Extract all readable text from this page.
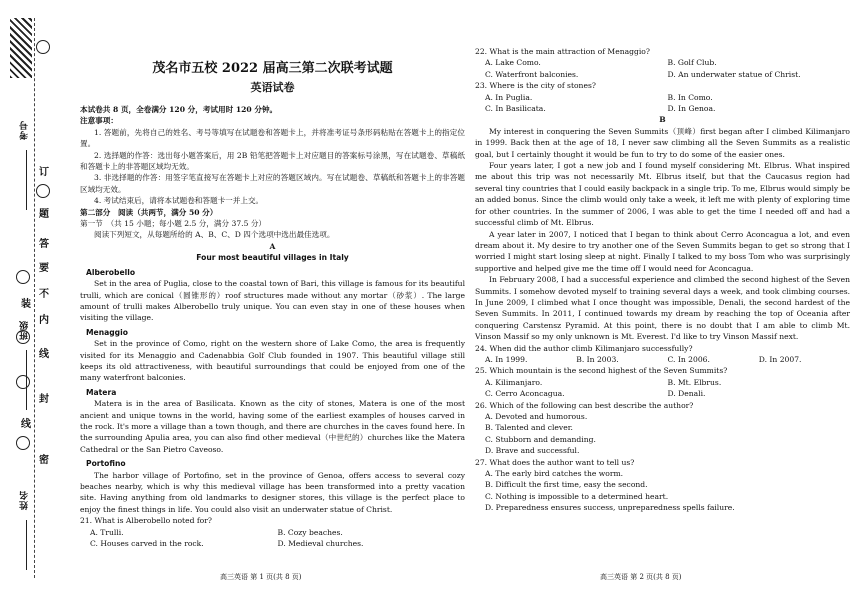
考号
班级
姓名
题
答
要
订
不
内
装
线
封
线
密
茂名市五校 2022 届高三第二次联考试题
英语试卷
本试卷共 8 页，全卷满分 120 分，考试用时 120 分钟。

注意事项：

1. 答题前，先将自己的姓名、考号等填写在试题卷和答题卡上，并将准考证号条形码粘贴在答题卡上的指定位置。

2. 选择题的作答：选出每小题答案后，用 2B 铅笔把答题卡上对应题目的答案标号涂黑，写在试题卷、草稿纸和答题卡上的非答题区域均无效。

3. 非选择题的作答：用签字笔直接写在答题卡上对应的答题区域内。写在试题卷、草稿纸和答题卡上的非答题区域均无效。

4. 考试结束后，请将本试题卷和答题卡一并上交。

第二部分　阅读（共两节，满分 50 分）

第一节　（共 15 小题；每小题 2.5 分，满分 37.5 分）

阅读下列短文，从每题所给的 A、B、C、D 四个选项中选出最佳选项。

A

Four most beautiful villages in Italy

Alberobello

Set in the area of Puglia, close to the coastal town of Bari, this village is famous for its beautiful trulli, which are conical（圆锥形的）roof structures made without any mortar（砂浆）. The large amount of trulli makes Alberobello truly unique. You can even stay in one of these houses when visiting the village.

Menaggio

Set in the province of Como, right on the western shore of Lake Como, the area is frequently visited for its Menaggio and Cadenabbia Golf Club founded in 1907. This beautiful village still keeps its old attractiveness, with beautiful surroundings that could be enjoyed from one of the many waterfront balconies.

Matera

Matera is in the area of Basilicata. Known as the city of stones, Matera is one of the most ancient and unique towns in the world, having some of the earliest examples of houses carved in the rock. It's more a village than a town though, and there are churches in the caves found here. In the surrounding Apulia area, you can also find other medieval（中世纪的）churches like the Matera Cathedral or the San Pietro Caveoso.

Portofino

The harbor village of Portofino, set in the province of Genoa, offers access to several cozy beaches nearby, which is why this medieval village has been transformed into a pretty vacation site. Having anything from old landmarks to designer stores, this village is the perfect place to enjoy the finest things in life. You could also visit an underwater statue of Christ.

21. What is Alberobello noted for?

A. Trulli.	B. Cozy beaches.
C. Houses carved in the rock.	D. Medieval churches.
高三英语 第 1 页(共 8 页)

22. What is the main attraction of Menaggio?

A. Lake Como.	B. Golf Club.
C. Waterfront balconies.	D. An underwater statue of Christ.

23. Where is the city of stones?

A. In Puglia.	B. In Como.
C. In Basilicata.	D. In Genoa.

B

My interest in conquering the Seven Summits（顶峰）first began after I climbed Kilimanjaro in 1999. Back then at the age of 18, I never saw climbing all the Seven Summits as a realistic goal, but I certainly thought it would be fun to try to do some of the easier ones.

Four years later, I got a new job and I found myself considering Mt. Elbrus. What inspired me about this trip was not necessarily Mt. Elbrus itself, but that the Caucasus region had several tiny countries that I could easily backpack in a single trip. To me, Elbrus would simply be an added bonus. Since the climb would only take a week, it left me with plenty of exploring time for other countries. In the summer of 2006, I was able to get the time I needed off and had a successful climb of Mt. Elbrus.

A year later in 2007, I noticed that I began to think about Cerro Aconcagua a lot, and even dream about it. My desire to try another one of the Seven Summits began to get so strong that I worried I might start losing sleep at night. Finally I talked to my boss Tom who was surprisingly supportive and helped give me the time off I would need for Aconcagua.

In February 2008, I had a successful experience and climbed the second highest of the Seven Summits. I somehow devoted myself to training several days a week, and took climbing courses. In June 2009, I climbed what I once thought was impossible, Denali, the second hardest of the Seven Summits. In 2011, I continued towards my dream by reaching the top of Oceania after conquering Carstensz Pyramid. At this point, there is no doubt that I am able to climb Mt. Vinson Massif so my only unknown is Mt. Everest. I'd like to try Vinson Massif next.

24. When did the author climb Kilimanjaro successfully?

A. In 1999.	B. In 2003.	C. In 2006.	D. In 2007.

25. Which mountain is the second highest of the Seven Summits?

A. Kilimanjaro.	B. Mt. Elbrus.
C. Cerro Aconcagua.	D. Denali.

26. Which of the following can best describe the author?

A. Devoted and humorous.
B. Talented and clever.
C. Stubborn and demanding.
D. Brave and successful.

27. What does the author want to tell us?

A. The early bird catches the worm.
B. Difficult the first time, easy the second.
C. Nothing is impossible to a determined heart.
D. Preparedness ensures success, unpreparedness spells failure.
高三英语 第 2 页(共 8 页)
